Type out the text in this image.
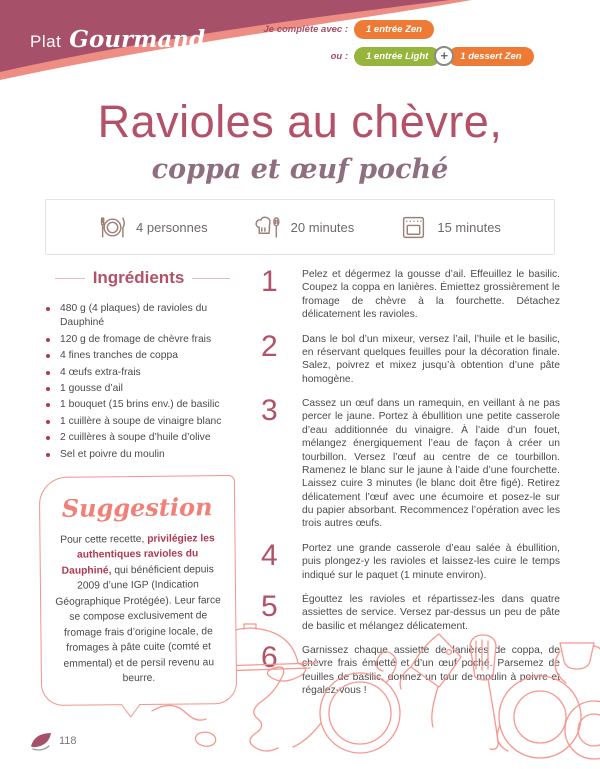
Plat Gourmand	Je complète avec :	1 entrée Zen
ou :	1 entrée Light +	1 dessert Zen
Ravioles au chèvre,
coppa et œuf poché
4 personnes	20 minutes	15 minutes
Ingrédients
480 g (4 plaques) de ravioles du Dauphiné
120 g de fromage de chèvre frais
4 fines tranches de coppa
4 œufs extra-frais
1 gousse d’ail
1 bouquet (15 brins env.) de basilic
1 cuillère à soupe de vinaigre blanc
2 cuillères à soupe d’huile d’olive
Sel et poivre du moulin
Suggestion

Pour cette recette, privilégiez les authentiques ravioles du Dauphiné, qui bénéficient depuis 2009 d’une IGP (Indication Géographique Protégée). Leur farce se compose exclusivement de fromage frais d’origine locale, de fromages à pâte cuite (comté et emmental) et de persil revenu au beurre.

1	Pelez et dégermez la gousse d’ail. Effeuillez le basilic. Coupez la coppa en lanières. Émiettez grossièrement le fromage de chèvre à la fourchette. Détachez délicatement les ravioles.
2	Dans le bol d’un mixeur, versez l’ail, l’huile et le basilic, en réservant quelques feuilles pour la décoration finale. Salez, poivrez et mixez jusqu’à obtention d’une pâte homogène.
3	Cassez un œuf dans un ramequin, en veillant à ne pas percer le jaune. Portez à ébullition une petite casserole d’eau additionnée du vinaigre. À l’aide d’un fouet, mélangez énergiquement l’eau de façon à créer un tourbillon. Versez l’œuf au centre de ce tourbillon. Ramenez le blanc sur le jaune à l’aide d’une fourchette. Laissez cuire 3 minutes (le blanc doit être figé). Retirez délicatement l’œuf avec une écumoire et posez-le sur du papier absorbant. Recommencez l’opération avec les trois autres œufs.
4	Portez une grande casserole d’eau salée à ébullition, puis plongez-y les ravioles et laissez-les cuire le temps indiqué sur le paquet (1 minute environ).
5	Égouttez les ravioles et répartissez-les dans quatre assiettes de service. Versez par-dessus un peu de pâte de basilic et mélangez délicatement.
6	Garnissez chaque assiette de lanières de coppa, de chèvre frais émietté et d’un œuf poché. Parsemez de feuilles de basilic, donnez un tour de moulin à poivre et régalez-vous !
118
